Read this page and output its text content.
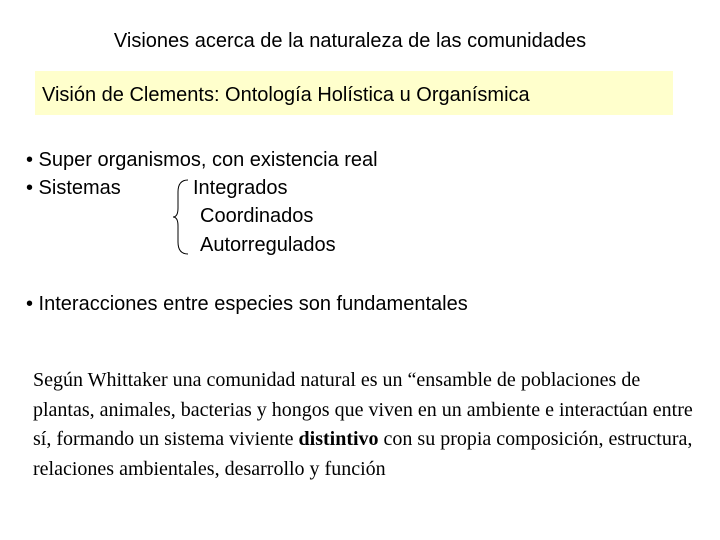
Visiones acerca de la naturaleza de las comunidades
Visión de Clements: Ontología Holística u Organísmica
• Super organismos, con existencia real
• Sistemas	Integrados
Coordinados
Autorregulados
• Interacciones entre especies son fundamentales
Según Whittaker una comunidad natural es un “ensamble de poblaciones de plantas, animales, bacterias y hongos que viven en un ambiente e interactúan entre sí, formando un sistema viviente distintivo con su propia composición, estructura, relaciones ambientales, desarrollo y función
